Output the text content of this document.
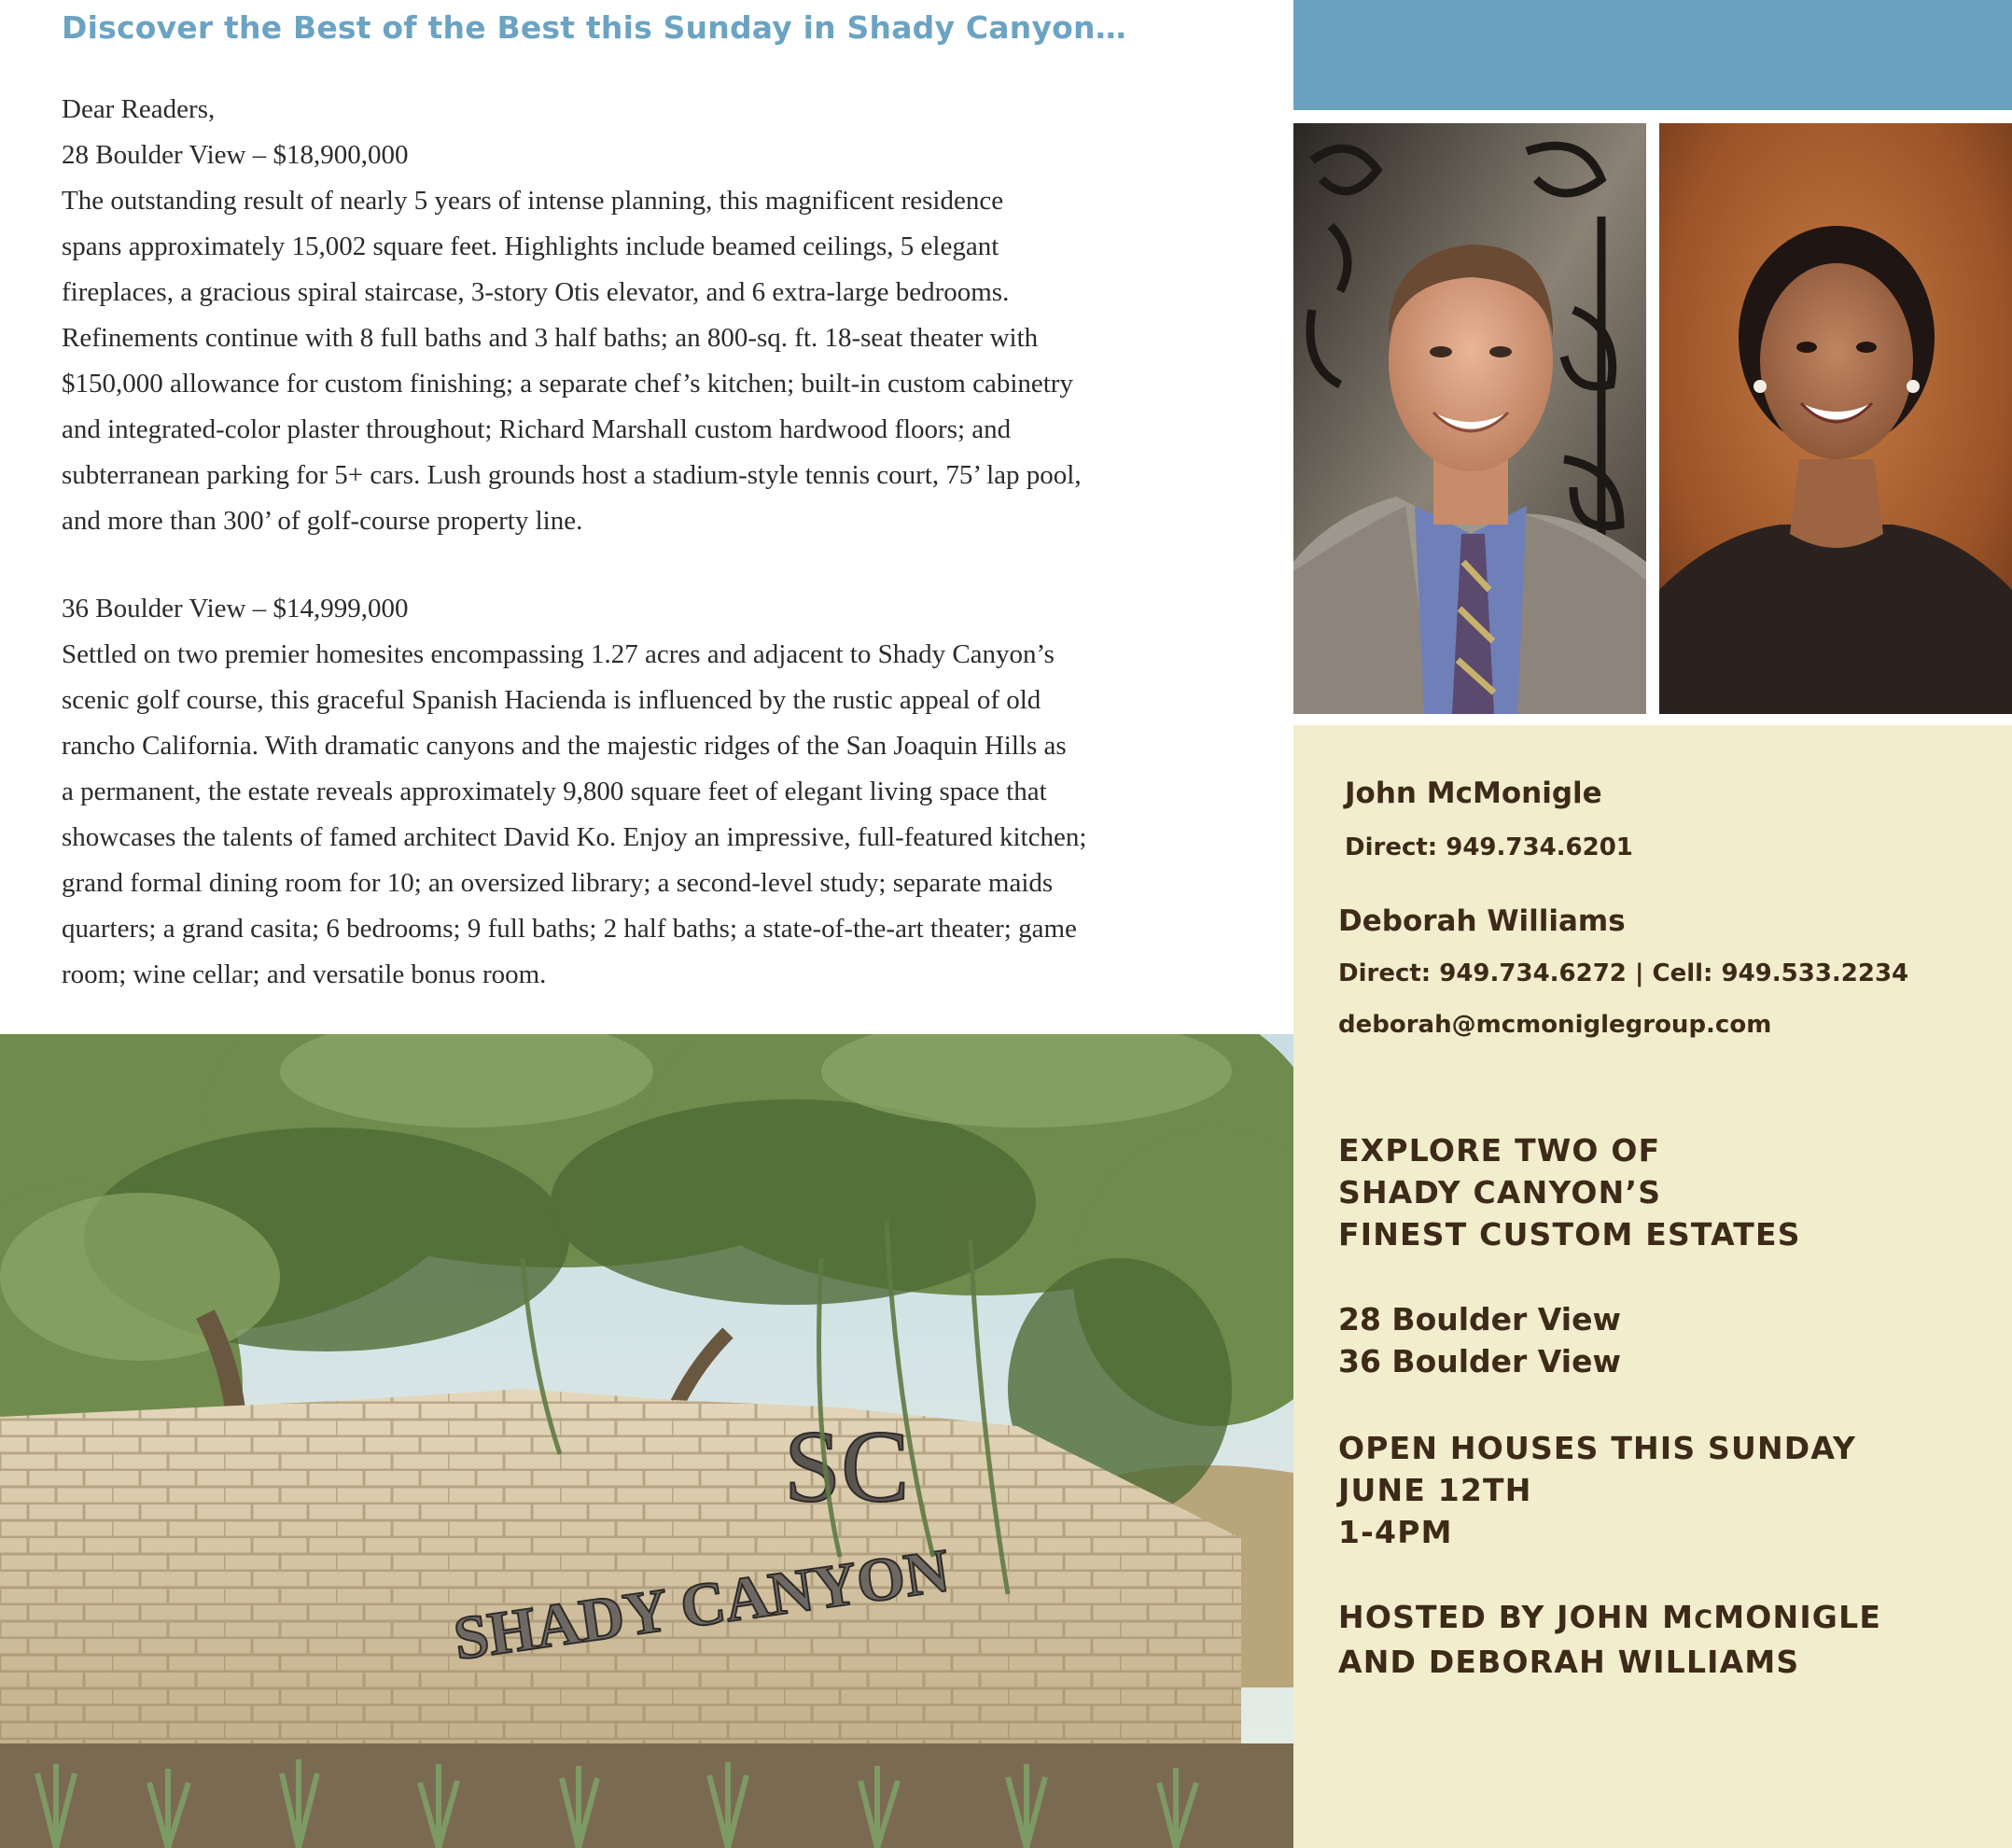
Discover the Best of the Best this Sunday in Shady Canyon…

Dear Readers,

28 Boulder View – $18,900,000

The outstanding result of nearly 5 years of intense planning, this magnificent residence

spans approximately 15,002 square feet. Highlights include beamed ceilings, 5 elegant

fireplaces, a gracious spiral staircase, 3-story Otis elevator, and 6 extra-large bedrooms.

Refinements continue with 8 full baths and 3 half baths; an 800-sq. ft. 18-seat theater with

$150,000 allowance for custom finishing; a separate chef’s kitchen; built-in custom cabinetry

and integrated-color plaster throughout; Richard Marshall custom hardwood floors; and

subterranean parking for 5+ cars. Lush grounds host a stadium-style tennis court, 75’ lap pool,

and more than 300’ of golf-course property line.

36 Boulder View – $14,999,000

Settled on two premier homesites encompassing 1.27 acres and adjacent to Shady Canyon’s

scenic golf course, this graceful Spanish Hacienda is influenced by the rustic appeal of old

rancho California. With dramatic canyons and the majestic ridges of the San Joaquin Hills as

a permanent, the estate reveals approximately 9,800 square feet of elegant living space that

showcases the talents of famed architect David Ko. Enjoy an impressive, full-featured kitchen;

grand formal dining room for 10; an oversized library; a second-level study; separate maids

quarters; a grand casita; 6 bedrooms; 9 full baths; 2 half baths; a state-of-the-art theater; game

room; wine cellar; and versatile bonus room.

John McMonigle
Direct: 949.734.6201
Deborah Williams
Direct: 949.734.6272 | Cell: 949.533.2234
deborah@mcmoniglegroup.com
EXPLORE TWO OF
SHADY CANYON’S
FINEST CUSTOM ESTATES
28 Boulder View
36 Boulder View
OPEN HOUSES THIS SUNDAY
JUNE 12TH
1-4PM
HOSTED BY JOHN MCMONIGLE
AND DEBORAH WILLIAMS
SC
SHADY CANYON
